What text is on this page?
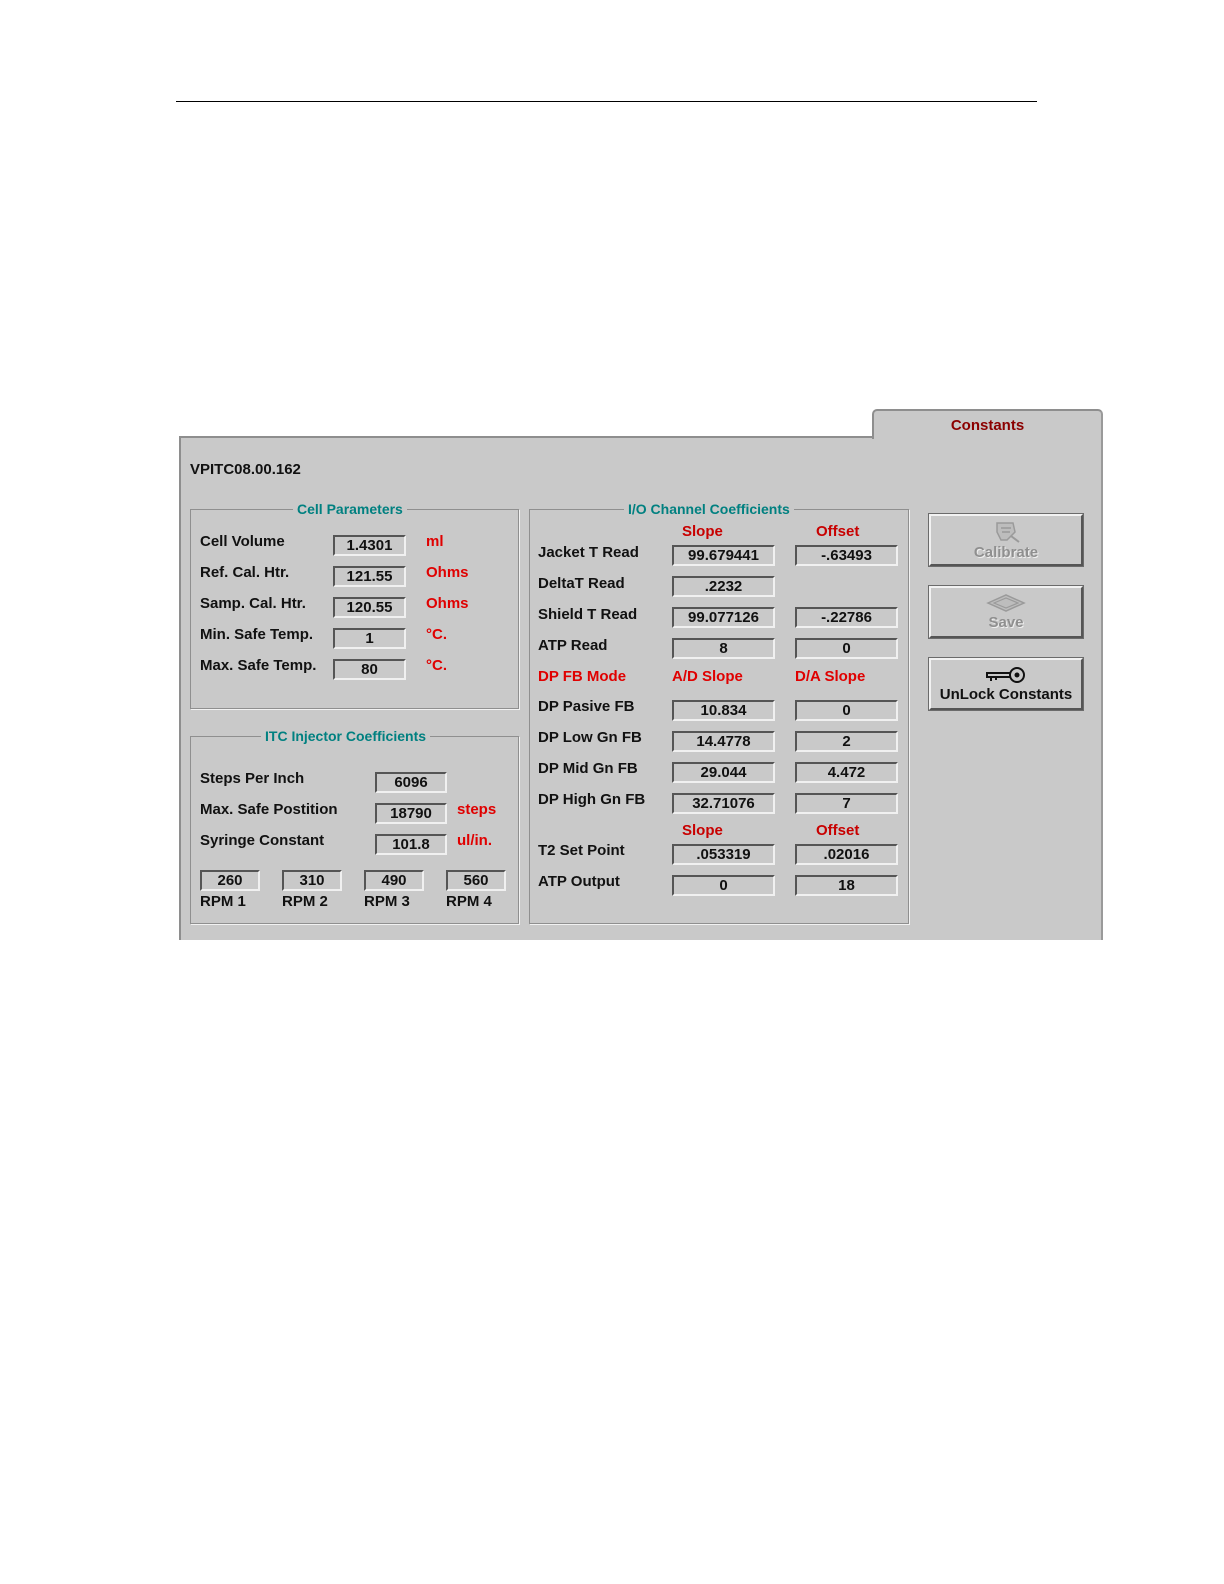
Constants
VPITC08.00.162
Cell Parameters
Cell Volume	1.4301	ml
Ref. Cal. Htr.	121.55	Ohms
Samp. Cal. Htr.	120.55	Ohms
Min. Safe Temp.	1	°C.
Max. Safe Temp.	80	°C.
ITC Injector Coefficients
Steps Per Inch	6096
Max. Safe Postition	18790	steps
Syringe Constant	101.8	ul/in.
260
RPM 1
310
RPM 2
490
RPM 3
560
RPM 4
I/O Channel Coefficients
Slope	Offset
Jacket T Read	99.679441	-.63493
DeltaT Read	.2232
Shield T Read	99.077126	-.22786
ATP Read	8	0
DP FB Mode	A/D Slope	D/A Slope
DP Pasive FB	10.834	0
DP Low Gn FB	14.4778	2
DP Mid Gn FB	29.044	4.472
DP High Gn FB	32.71076	7
Slope	Offset
T2 Set Point	.053319	.02016
ATP Output	0	18
Calibrate
Save
UnLock Constants
